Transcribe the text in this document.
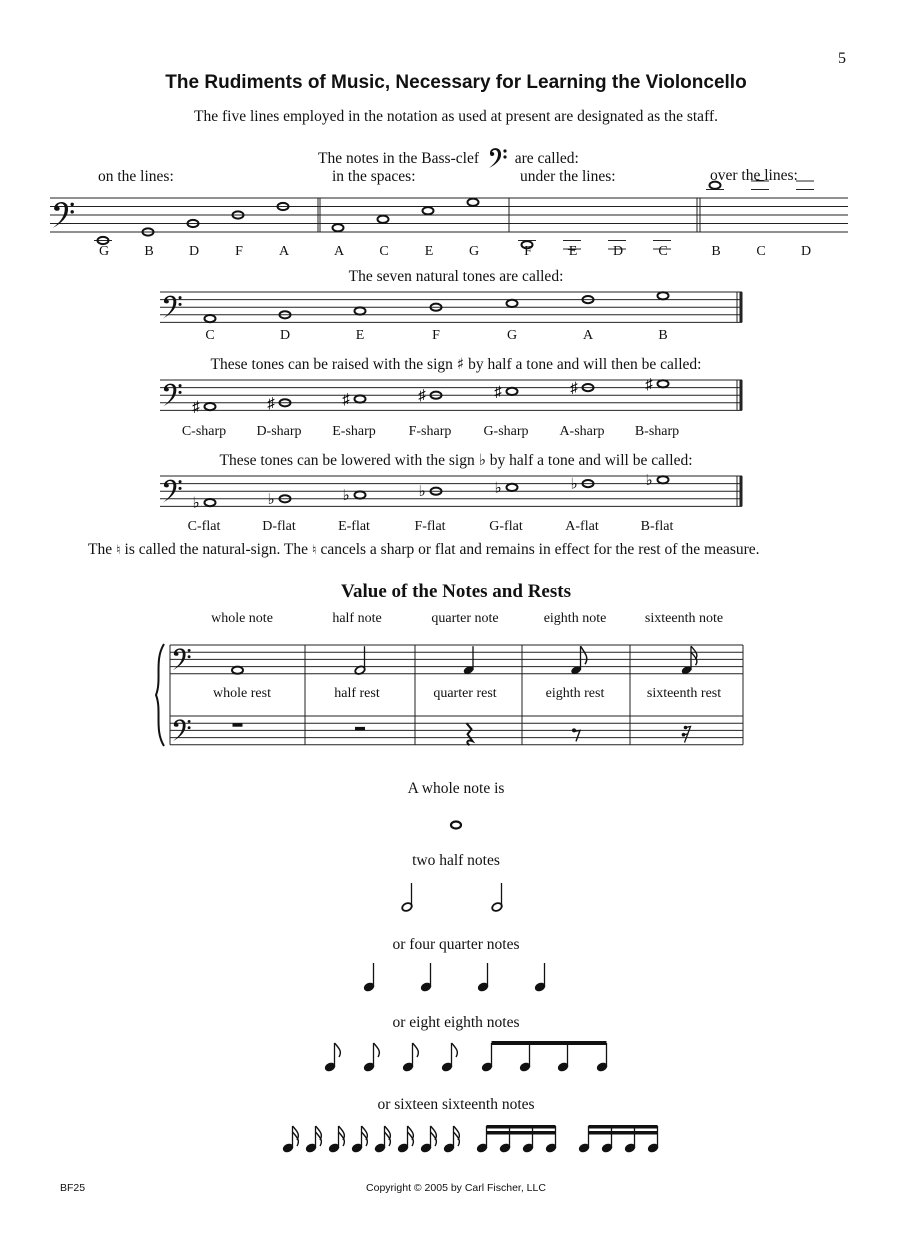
5
The Rudiments of Music, Necessary for Learning the Violoncello
The five lines employed in the notation as used at present are designated as the staff.
The notes in the Bass-clef are called:
on the lines:	in the spaces:	under the lines:	over the lines:
G	B	D	F	A	A	C	E	G	F	E	D	C	B	C	D
The seven natural tones are called:
C	D	E	F	G	A	B
These tones can be raised with the sign ♯ by half a tone and will then be called:
♯	♯	♯	♯	♯	♯	♯
C-sharp D-sharp E-sharp F-sharp G-sharp A-sharp B-sharp
These tones can be lowered with the sign ♭ by half a tone and will be called:
♭	♭	♭	♭	♭	♭	♭
C-flat	D-flat	E-flat	F-flat	G-flat	A-flat	B-flat
The ♮ is called the natural-sign. The ♮ cancels a sharp or flat and remains in effect for the rest of the measure.
Value of the Notes and Rests
whole note	half note	quarter note	eighth note	sixteenth note
whole rest	half rest	quarter rest	eighth rest	sixteenth rest
A whole note is
two half notes
or four quarter notes
or eight eighth notes
or sixteen sixteenth notes
BF25	Copyright © 2005 by Carl Fischer, LLC
